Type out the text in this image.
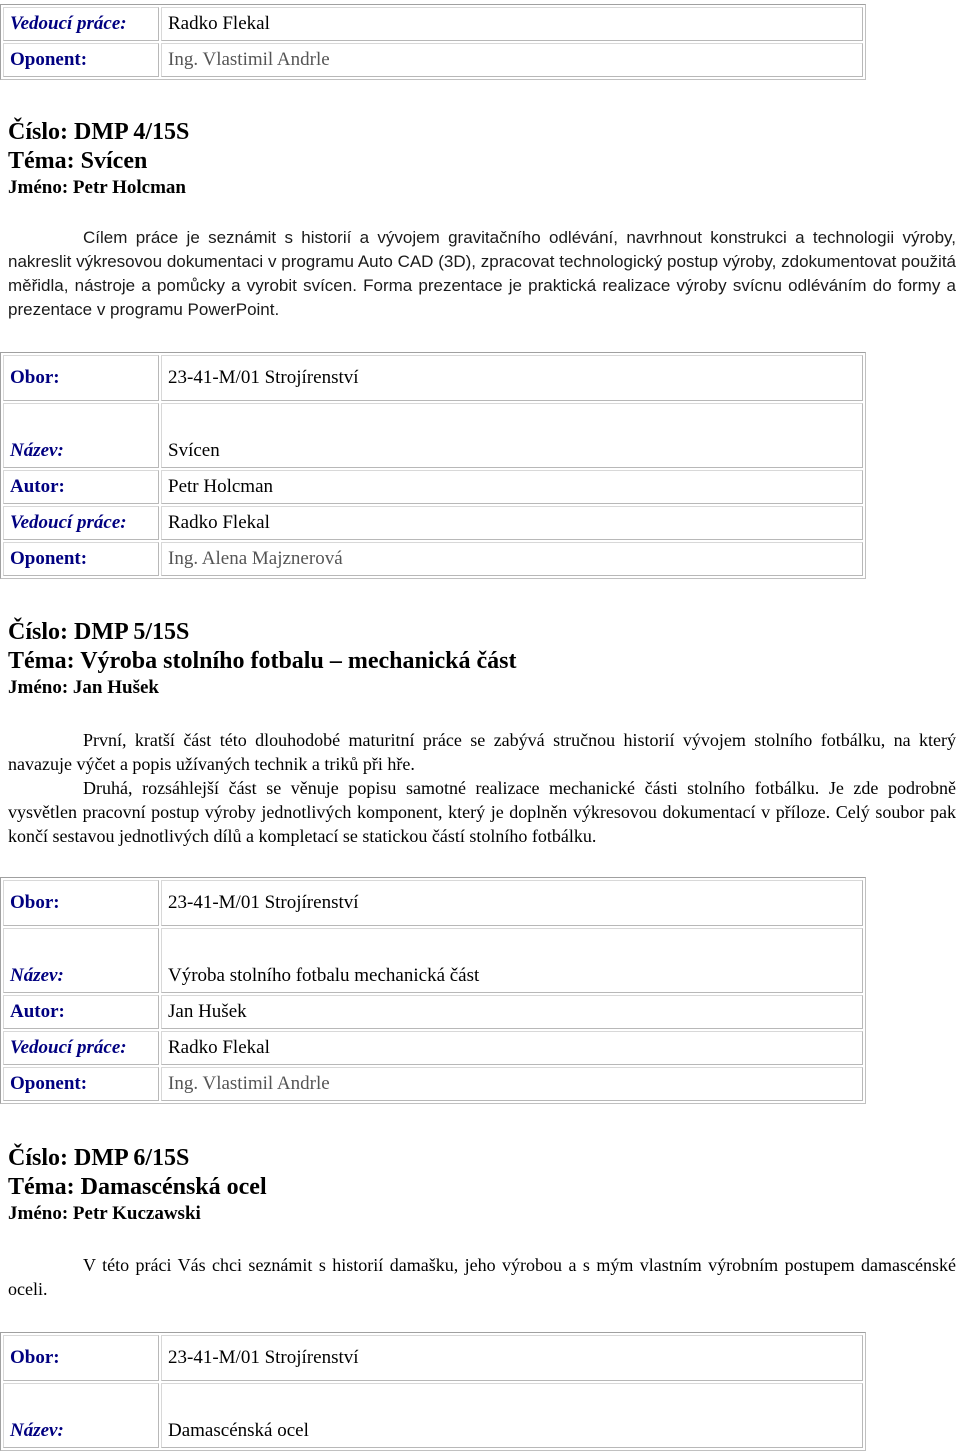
Vedoucí práce:	Radko Flekal
Oponent:	Ing. Vlastimil Andrle
Číslo: DMP 4/15S
Téma: Svícen
Jméno: Petr Holcman

Cílem práce je seznámit s historií a vývojem gravitačního odlévání, navrhnout konstrukci a technologii výroby, nakreslit výkresovou dokumentaci v programu Auto CAD (3D), zpracovat technologický postup výroby, zdokumentovat použitá měřidla, nástroje a pomůcky a vyrobit svícen. Forma prezentace je praktická realizace výroby svícnu odléváním do formy a prezentace v programu PowerPoint.

Obor:	23-41-M/01 Strojírenství
Název:	Svícen
Autor:	Petr Holcman
Vedoucí práce:	Radko Flekal
Oponent:	Ing. Alena Majznerová
Číslo: DMP 5/15S
Téma: Výroba stolního fotbalu – mechanická část
Jméno: Jan Hušek

První, kratší část této dlouhodobé maturitní práce se zabývá stručnou historií vývojem stolního fotbálku, na který navazuje výčet a popis užívaných technik a triků při hře.

Druhá, rozsáhlejší část se věnuje popisu samotné realizace mechanické části stolního fotbálku. Je zde podrobně vysvětlen pracovní postup výroby jednotlivých komponent, který je doplněn výkresovou dokumentací v příloze. Celý soubor pak končí sestavou jednotlivých dílů a kompletací se statickou částí stolního fotbálku.

Obor:	23-41-M/01 Strojírenství
Název:	Výroba stolního fotbalu mechanická část
Autor:	Jan Hušek
Vedoucí práce:	Radko Flekal
Oponent:	Ing. Vlastimil Andrle
Číslo: DMP 6/15S
Téma: Damascénská ocel
Jméno: Petr Kuczawski

V této práci Vás chci seznámit s historií damašku, jeho výrobou a s mým vlastním výrobním postupem damascénské oceli.

Obor:	23-41-M/01 Strojírenství
Název:	Damascénská ocel
